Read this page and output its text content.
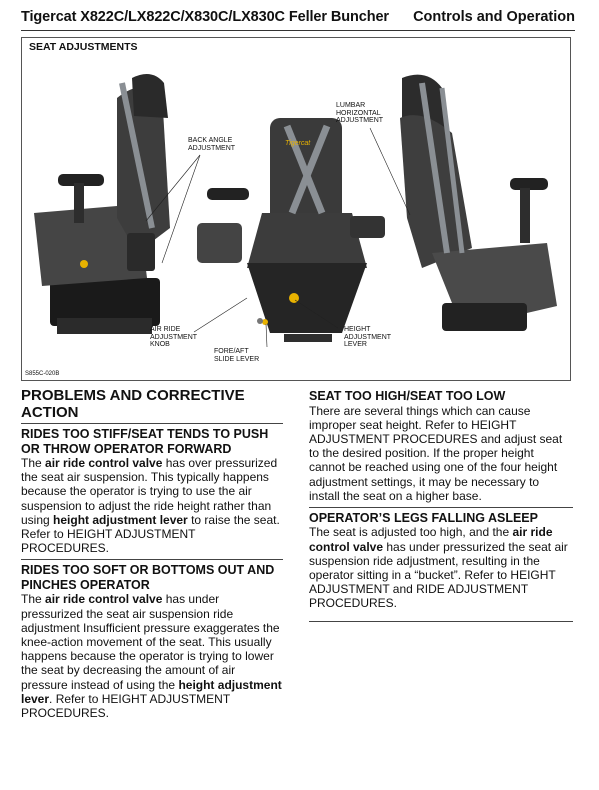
Tigercat X822C/LX822C/X830C/LX830C Feller Buncher Controls and Operation
SEAT ADJUSTMENTS
Tigercat
BACK ANGLE
ADJUSTMENT
LUMBAR
HORIZONTAL
ADJUSTMENT
AIR RIDE
ADJUSTMENT
KNOB
FORE/AFT
SLIDE LEVER
HEIGHT
ADJUSTMENT
LEVER
S855C-020B
PROBLEMS AND CORRECTIVE ACTION
RIDES TOO STIFF/SEAT TENDS TO PUSH OR THROW OPERATOR FORWARD

The air ride control valve has over pressurized the seat air suspension. This typically happens because the operator is trying to use the air suspension to adjust the ride height rather than using height adjustment lever to raise the seat. Refer to HEIGHT ADJUSTMENT PROCEDURES.

RIDES TOO SOFT OR BOTTOMS OUT AND PINCHES OPERATOR

The air ride control valve has under pressurized the seat air suspension ride adjustment Insufficient pressure exaggerates the knee-action movement of the seat. This usually happens because the operator is trying to lower the seat by decreasing the amount of air pressure instead of using the height adjustment lever. Refer to HEIGHT ADJUSTMENT PROCEDURES.

SEAT TOO HIGH/SEAT TOO LOW

There are several things which can cause improper seat height. Refer to HEIGHT ADJUSTMENT PROCEDURES and adjust seat to the desired position. If the proper height cannot be reached using one of the four height adjustment settings, it may be necessary to install the seat on a higher base.

OPERATOR’S LEGS FALLING ASLEEP

The seat is adjusted too high, and the air ride control valve has under pressurized the seat air suspension ride adjustment, resulting in the operator sitting in a “bucket”. Refer to HEIGHT ADJUSTMENT and RIDE ADJUSTMENT PROCEDURES.
